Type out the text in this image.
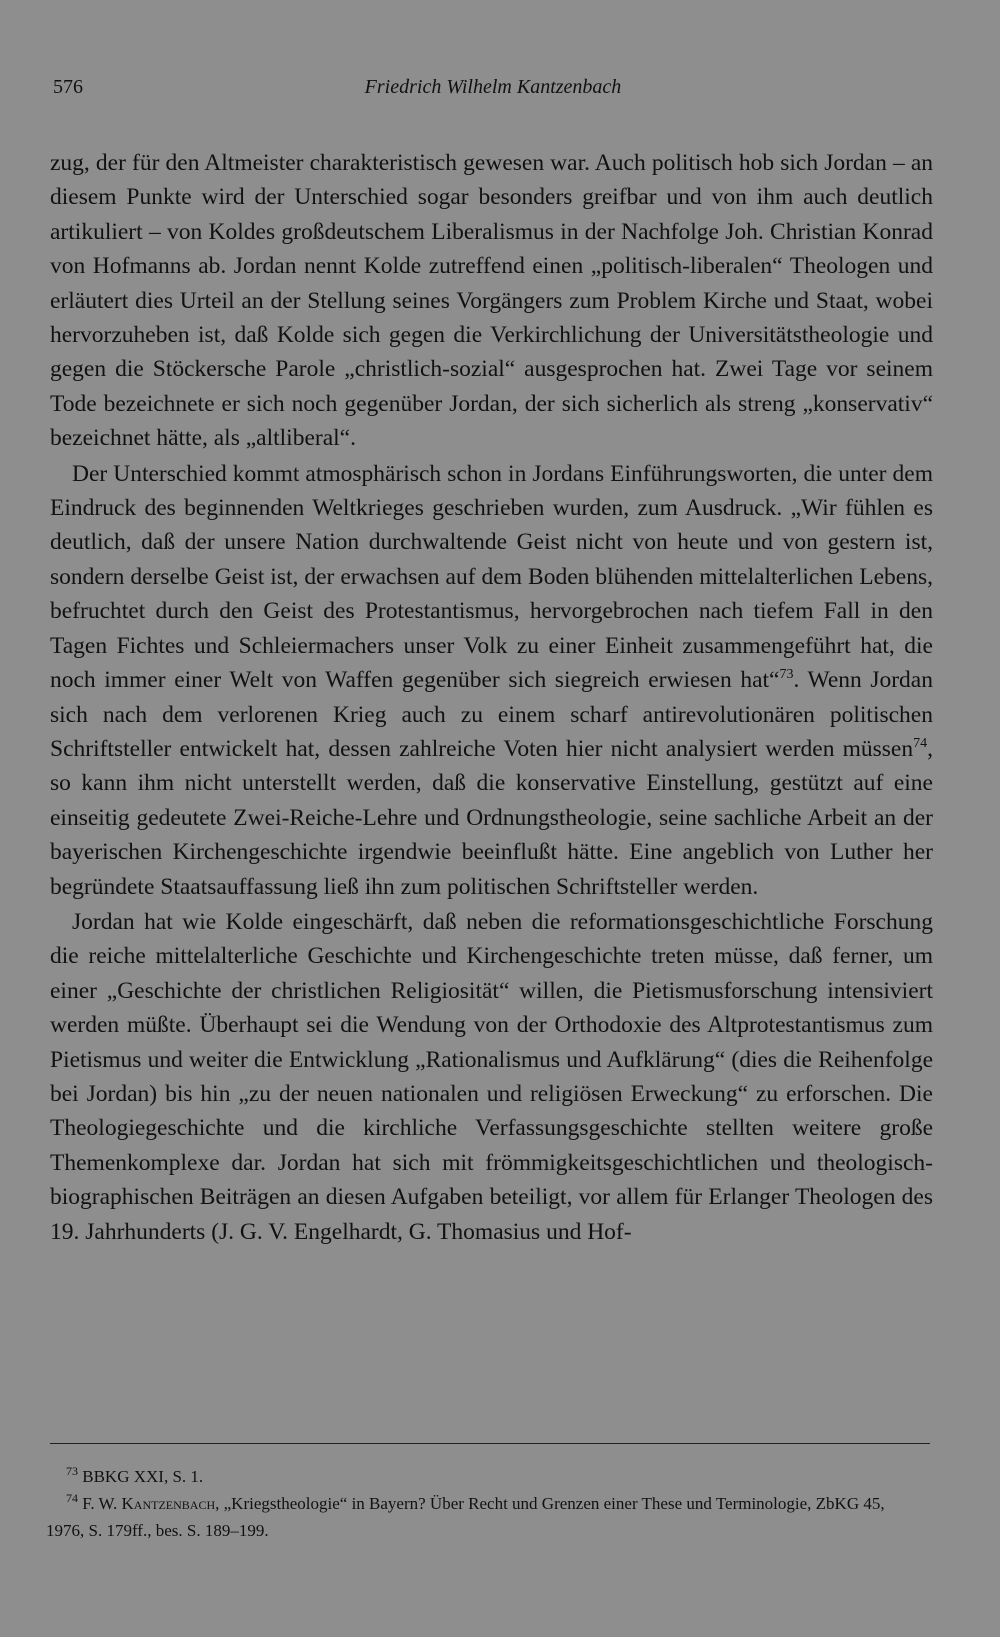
576	Friedrich Wilhelm Kantzenbach

zug, der für den Altmeister charakteristisch gewesen war. Auch politisch hob sich Jordan – an diesem Punkte wird der Unterschied sogar besonders greifbar und von ihm auch deutlich artikuliert – von Koldes großdeutschem Liberalismus in der Nachfolge Joh. Christian Konrad von Hofmanns ab. Jordan nennt Kolde zutreffend einen „politisch-liberalen“ Theologen und erläutert dies Urteil an der Stellung seines Vorgängers zum Problem Kirche und Staat, wobei hervorzuheben ist, daß Kolde sich gegen die Verkirchlichung der Universitätstheologie und gegen die Stöckersche Parole „christlich-sozial“ ausgesprochen hat. Zwei Tage vor seinem Tode bezeichnete er sich noch gegenüber Jordan, der sich sicherlich als streng „konservativ“ bezeichnet hätte, als „altliberal“.

Der Unterschied kommt atmosphärisch schon in Jordans Einführungsworten, die unter dem Eindruck des beginnenden Weltkrieges geschrieben wurden, zum Ausdruck. „Wir fühlen es deutlich, daß der unsere Nation durchwaltende Geist nicht von heute und von gestern ist, sondern derselbe Geist ist, der erwachsen auf dem Boden blühenden mittelalterlichen Lebens, befruchtet durch den Geist des Protestantismus, hervorgebrochen nach tiefem Fall in den Tagen Fichtes und Schleiermachers unser Volk zu einer Einheit zusammengeführt hat, die noch immer einer Welt von Waffen gegenüber sich siegreich erwiesen hat“$^{73}$. Wenn Jordan sich nach dem verlorenen Krieg auch zu einem scharf antirevolutionären politischen Schriftsteller entwickelt hat, dessen zahlreiche Voten hier nicht analysiert werden müssen$^{74}$, so kann ihm nicht unterstellt werden, daß die konservative Einstellung, gestützt auf eine einseitig gedeutete Zwei-Reiche-Lehre und Ordnungstheologie, seine sachliche Arbeit an der bayerischen Kirchengeschichte irgendwie beeinflußt hätte. Eine angeblich von Luther her begründete Staatsauffassung ließ ihn zum politischen Schriftsteller werden.

Jordan hat wie Kolde eingeschärft, daß neben die reformationsgeschichtliche Forschung die reiche mittelalterliche Geschichte und Kirchengeschichte treten müsse, daß ferner, um einer „Geschichte der christlichen Religiosität“ willen, die Pietismusforschung intensiviert werden müßte. Überhaupt sei die Wendung von der Orthodoxie des Altprotestantismus zum Pietismus und weiter die Entwicklung „Rationalismus und Aufklärung“ (dies die Reihenfolge bei Jordan) bis hin „zu der neuen nationalen und religiösen Erweckung“ zu erforschen. Die Theologiegeschichte und die kirchliche Verfassungsgeschichte stellten weitere große Themenkomplexe dar. Jordan hat sich mit frömmigkeitsgeschichtlichen und theologisch-biographischen Beiträgen an diesen Aufgaben beteiligt, vor allem für Erlanger Theologen des 19. Jahrhunderts (J. G. V. Engelhardt, G. Thomasius und Hof-

$^{73}$ BBKG XXI, S. 1.

$^{74}$ F. W. Kantzenbach, „Kriegstheologie“ in Bayern? Über Recht und Grenzen einer These und Terminologie, ZbKG 45, 1976, S. 179ff., bes. S. 189–199.
